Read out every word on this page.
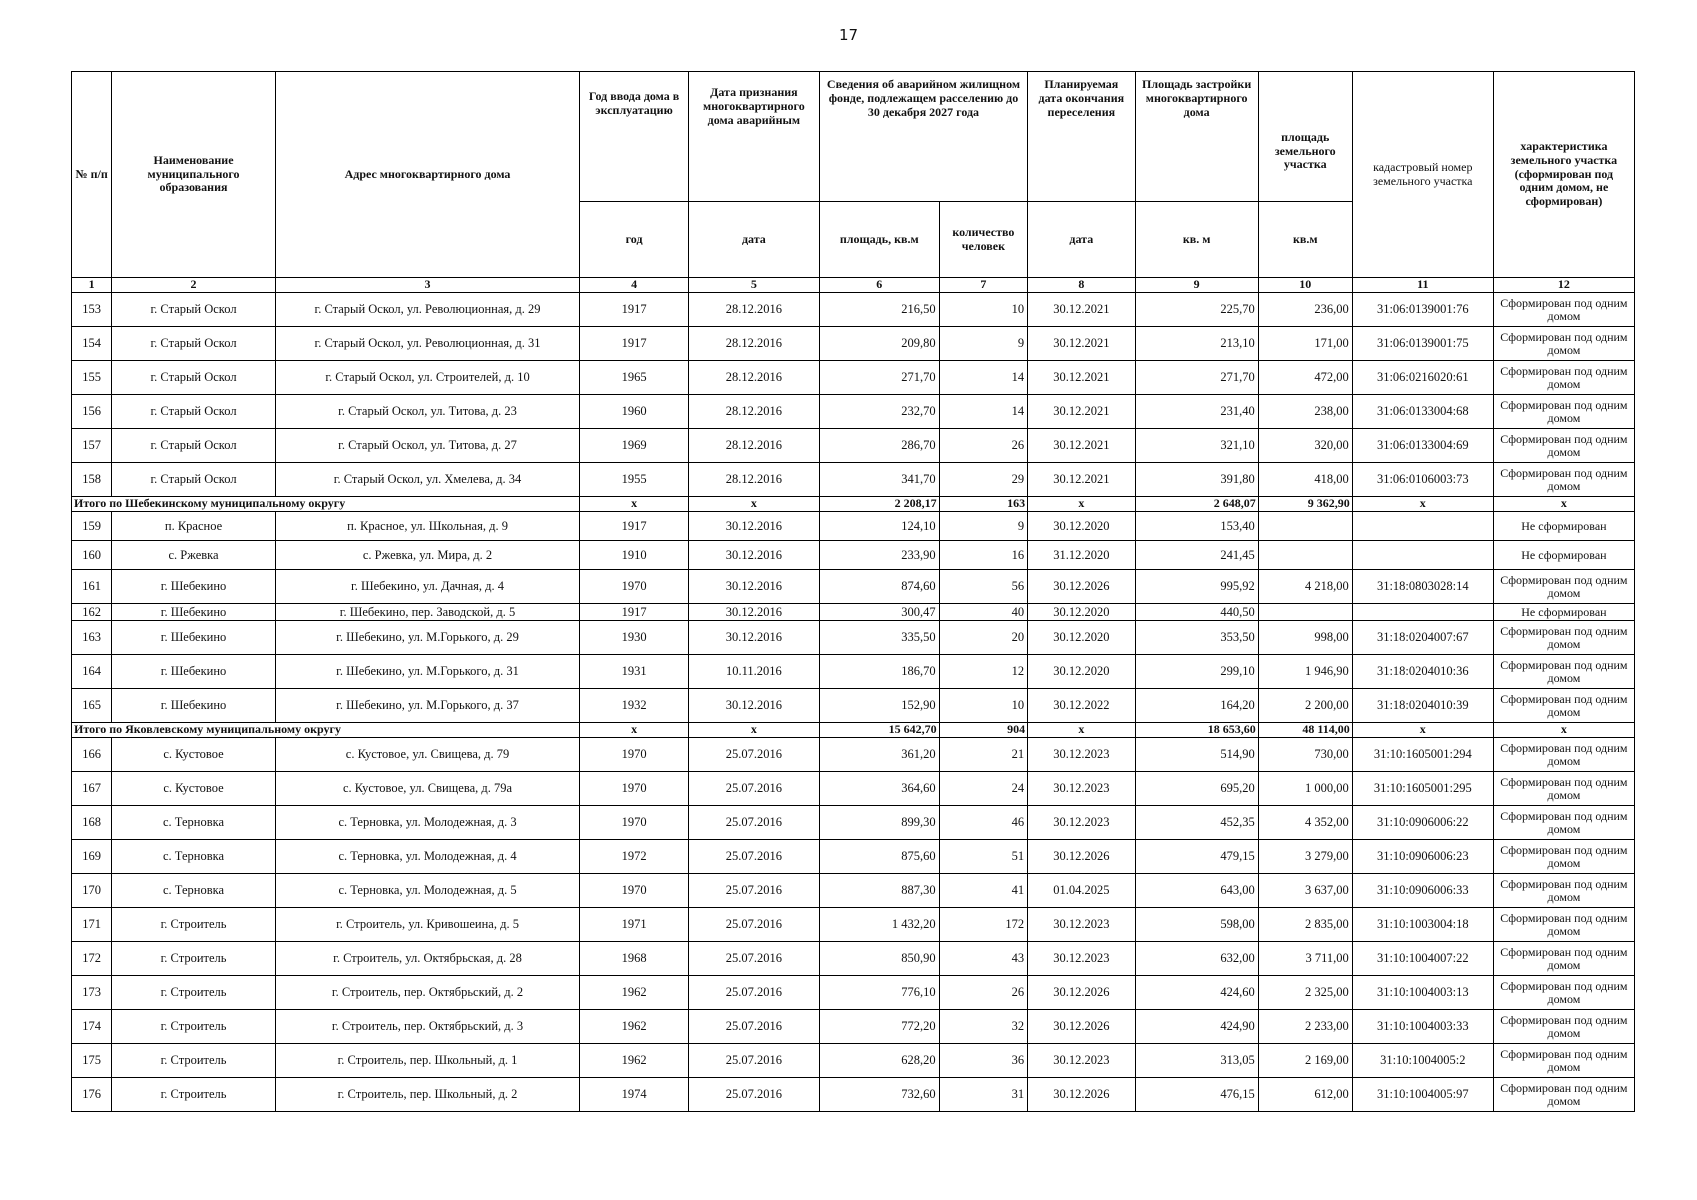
17
№ п/п	Наименование муниципального образования	Адрес многоквартирного дома	Год ввода дома в эксплуатацию	Дата признания многоквартирного дома аварийным	Сведения об аварийном жилищном фонде, подлежащем расселению до 30 декабря 2027 года		Планируемая дата окончания переселения	Площадь застройки многоквартирного дома	площадь земельного участка	кадастровый номер земельного участка	характеристика земельного участка (сформирован под одним домом, не сформирован)
			год	дата	площадь, кв.м	количество человек	дата	кв. м	кв.м		
1	2	3	4	5	6	7	8	9	10	11	12
153	г. Старый Оскол	г. Старый Оскол, ул. Революционная, д. 29	1917	28.12.2016	216,50	10	30.12.2021	225,70	236,00	31:06:0139001:76	Сформирован под одним домом
154	г. Старый Оскол	г. Старый Оскол, ул. Революционная, д. 31	1917	28.12.2016	209,80	9	30.12.2021	213,10	171,00	31:06:0139001:75	Сформирован под одним домом
155	г. Старый Оскол	г. Старый Оскол, ул. Строителей, д. 10	1965	28.12.2016	271,70	14	30.12.2021	271,70	472,00	31:06:0216020:61	Сформирован под одним домом
156	г. Старый Оскол	г. Старый Оскол, ул. Титова, д. 23	1960	28.12.2016	232,70	14	30.12.2021	231,40	238,00	31:06:0133004:68	Сформирован под одним домом
157	г. Старый Оскол	г. Старый Оскол, ул. Титова, д. 27	1969	28.12.2016	286,70	26	30.12.2021	321,10	320,00	31:06:0133004:69	Сформирован под одним домом
158	г. Старый Оскол	г. Старый Оскол, ул. Хмелева, д. 34	1955	28.12.2016	341,70	29	30.12.2021	391,80	418,00	31:06:0106003:73	Сформирован под одним домом
Итого по Шебекинскому муниципальному округу			x	x	2 208,17	163	x	2 648,07	9 362,90	x	x
159	п. Красное	п. Красное, ул. Школьная, д. 9	1917	30.12.2016	124,10	9	30.12.2020	153,40			Не сформирован
160	с. Ржевка	с. Ржевка, ул. Мира, д. 2	1910	30.12.2016	233,90	16	31.12.2020	241,45			Не сформирован
161	г. Шебекино	г. Шебекино, ул. Дачная, д. 4	1970	30.12.2016	874,60	56	30.12.2026	995,92	4 218,00	31:18:0803028:14	Сформирован под одним домом
162	г. Шебекино	г. Шебекино, пер. Заводской, д. 5	1917	30.12.2016	300,47	40	30.12.2020	440,50			Не сформирован
163	г. Шебекино	г. Шебекино, ул. М.Горького, д. 29	1930	30.12.2016	335,50	20	30.12.2020	353,50	998,00	31:18:0204007:67	Сформирован под одним домом
164	г. Шебекино	г. Шебекино, ул. М.Горького, д. 31	1931	10.11.2016	186,70	12	30.12.2020	299,10	1 946,90	31:18:0204010:36	Сформирован под одним домом
165	г. Шебекино	г. Шебекино, ул. М.Горького, д. 37	1932	30.12.2016	152,90	10	30.12.2022	164,20	2 200,00	31:18:0204010:39	Сформирован под одним домом
Итого по Яковлевскому муниципальному округу			x	x	15 642,70	904	x	18 653,60	48 114,00	x	x
166	с. Кустовое	с. Кустовое, ул. Свищева, д. 79	1970	25.07.2016	361,20	21	30.12.2023	514,90	730,00	31:10:1605001:294	Сформирован под одним домом
167	с. Кустовое	с. Кустовое, ул. Свищева, д. 79а	1970	25.07.2016	364,60	24	30.12.2023	695,20	1 000,00	31:10:1605001:295	Сформирован под одним домом
168	с. Терновка	с. Терновка, ул. Молодежная, д. 3	1970	25.07.2016	899,30	46	30.12.2023	452,35	4 352,00	31:10:0906006:22	Сформирован под одним домом
169	с. Терновка	с. Терновка, ул. Молодежная, д. 4	1972	25.07.2016	875,60	51	30.12.2026	479,15	3 279,00	31:10:0906006:23	Сформирован под одним домом
170	с. Терновка	с. Терновка, ул. Молодежная, д. 5	1970	25.07.2016	887,30	41	01.04.2025	643,00	3 637,00	31:10:0906006:33	Сформирован под одним домом
171	г. Строитель	г. Строитель, ул. Кривошеина, д. 5	1971	25.07.2016	1 432,20	172	30.12.2023	598,00	2 835,00	31:10:1003004:18	Сформирован под одним домом
172	г. Строитель	г. Строитель, ул. Октябрьская, д. 28	1968	25.07.2016	850,90	43	30.12.2023	632,00	3 711,00	31:10:1004007:22	Сформирован под одним домом
173	г. Строитель	г. Строитель, пер. Октябрьский, д. 2	1962	25.07.2016	776,10	26	30.12.2026	424,60	2 325,00	31:10:1004003:13	Сформирован под одним домом
174	г. Строитель	г. Строитель, пер. Октябрьский, д. 3	1962	25.07.2016	772,20	32	30.12.2026	424,90	2 233,00	31:10:1004003:33	Сформирован под одним домом
175	г. Строитель	г. Строитель, пер. Школьный, д. 1	1962	25.07.2016	628,20	36	30.12.2023	313,05	2 169,00	31:10:1004005:2	Сформирован под одним домом
176	г. Строитель	г. Строитель, пер. Школьный, д. 2	1974	25.07.2016	732,60	31	30.12.2026	476,15	612,00	31:10:1004005:97	Сформирован под одним домом
